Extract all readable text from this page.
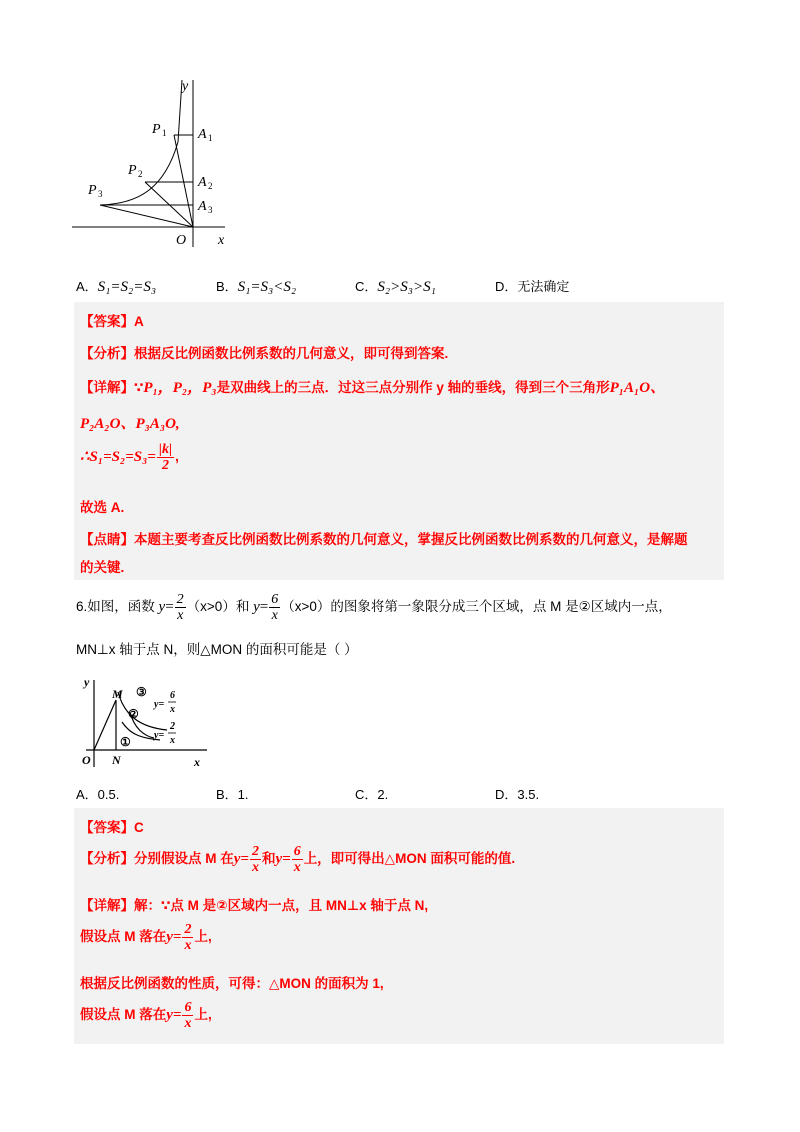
y
x
O
P 1
P 2
P 3
A 1
A 2
A 3
A．S₁=S₂=S₃	B．S₁=S₃<S₂	C．S₂>S₃>S₁	D．无法确定
【答案】A
【分析】根据反比例函数比例系数的几何意义，即可得到答案.
【详解】∵P₁，P₂，P₃是双曲线上的三点．过这三点分别作 y 轴的垂线，得到三个三角形P₁A₁O、
P₂A₂O、P₃A₃O,
∴S₁=S₂=S₃= $\frac{|k|}{2}$ ,
故选 A.
【点睛】本题主要考查反比例函数比例系数的几何意义，掌握反比例函数比例系数的几何意义，是解题
的关键.
6.如图，函数 $y= \frac{2}{x} (x>0)$和 $y= \frac{6}{x} (x>0)$的图象将第一象限分成三个区域，点 M 是②区域内一点，
MN⊥x 轴于点 N，则△MON 的面积可能是（ ）
y
x
O N
M
①
②
③
y=
6
x
y=
2
x
A．0.5.	B．1.	C．2.	D．3.5.
【答案】C
【分析】分别假设点 M 在$y= \frac{2}{x}$ 和$y= \frac{6}{x}$ 上，即可得出△MON 面积可能的值.
【详解】解：∵点 M 是②区域内一点，且 MN⊥x 轴于点 N,
假设点 M 落在$y= \frac{2}{x}$ 上,
根据反比例函数的性质，可得：△MON 的面积为 1,
假设点 M 落在$y= \frac{6}{x}$ 上,
